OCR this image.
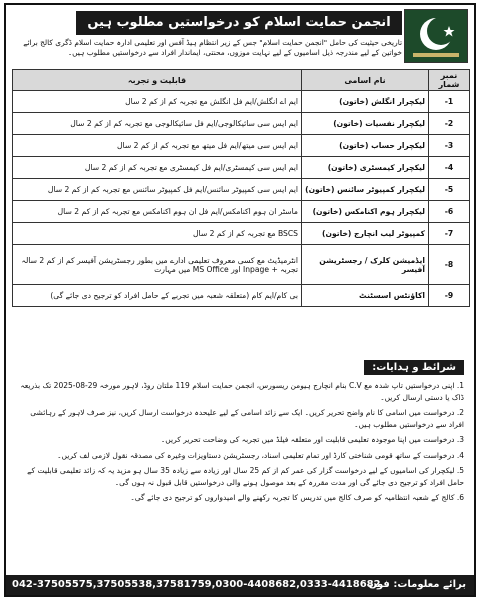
انجمن حمایت اسلام کو درخواستیں مطلوب ہیں
تاریخی حیثیت کی حامل "انجمن حمایت اسلام" جس کے زیر انتظام ہیڈ آفس اور تعلیمی ادارہ حمایت اسلام ڈگری کالج برائے خواتین کے لیے مندرجہ ذیل اسامیوں کے لیے نہایت موزوں، محنتی، ایماندار افراد سے درخواستیں مطلوب ہیں۔
نمبر شمار	نام اسامی	قابلیت و تجربہ
-1	لیکچرار انگلش (خاتون)	ایم اے انگلش/ایم فل انگلش مع تجربہ کم از کم 2 سال
-2	لیکچرار نفسیات (خاتون)	ایم ایس سی سائیکالوجی/ایم فل سائیکالوجی مع تجربہ کم از کم 2 سال
-3	لیکچرار حساب (خاتون)	ایم ایس سی میتھ/ایم فل میتھ مع تجربہ کم از کم 2 سال
-4	لیکچرار کیمسٹری (خاتون)	ایم ایس سی کیمسٹری/ایم فل کیمسٹری مع تجربہ کم از کم 2 سال
-5	لیکچرار کمپیوٹر سائنس (خاتون)	ایم ایس سی کمپیوٹر سائنس/ایم فل کمپیوٹر سائنس مع تجربہ کم از کم 2 سال
-6	لیکچرار ہوم اکنامکس (خاتون)	ماسٹر ان ہوم اکنامکس/ایم فل ان ہوم اکنامکس مع تجربہ کم از کم 2 سال
-7	کمپیوٹر لیب انچارج (خاتون)	BSCS مع تجربہ کم از کم 2 سال
-8	ایڈمیشن کلرک / رجسٹریشن آفیسر	انٹرمیڈیٹ مع کسی معروف تعلیمی ادارے میں بطور رجسٹریشن آفیسر کم از کم 2 سالہ تجربہ + Inpage اور MS Office میں مہارت
-9	اکاؤنٹس اسسٹنٹ	بی کام/ایم کام (متعلقہ شعبہ میں تجربے کے حامل افراد کو ترجیح دی جائے گی)
شرائط و ہدایات:

1. اپنی درخواستیں تاپ شدہ مع C.V بنام انچارج ہیومن ریسورس، انجمن حمایت اسلام 119 ملتان روڈ، لاہور مورخہ 29-08-2025 تک بذریعہ ڈاک یا دستی ارسال کریں۔

2. درخواست میں اسامی کا نام واضح تحریر کریں۔ ایک سے زائد اسامی کے لیے علیحدہ درخواست ارسال کریں، نیز صرف لاہور کے رہائشی افراد سے درخواستیں مطلوب ہیں۔

3. درخواست میں اپنا موجودہ تعلیمی قابلیت اور متعلقہ فیلڈ میں تجربہ کی وضاحت تحریر کریں۔

4. درخواست کے ساتھ قومی شناختی کارڈ اور تمام تعلیمی اسناد، رجسٹریشن دستاویزات وغیرہ کی مصدقہ نقول لازمی لف کریں۔

5. لیکچرار کی اسامیوں کے لیے درخواست گزار کی عمر کم از کم 25 سال اور زیادہ سے زیادہ 35 سال ہو مزید یہ کہ زائد تعلیمی قابلیت کے حامل افراد کو ترجیح دی جائے گی اور مدت مقررہ کے بعد موصول ہونے والی درخواستیں قابل قبول نہ ہوں گی۔

6. کالج کے شعبہ انتظامیہ کو صرف کالج میں تدریس کا تجربہ رکھنے والے امیدواروں کو ترجیح دی جائے گی۔

042-37505575,37505538,37581759,0300-4408682,0333-4418682
برائے معلومات: فون
